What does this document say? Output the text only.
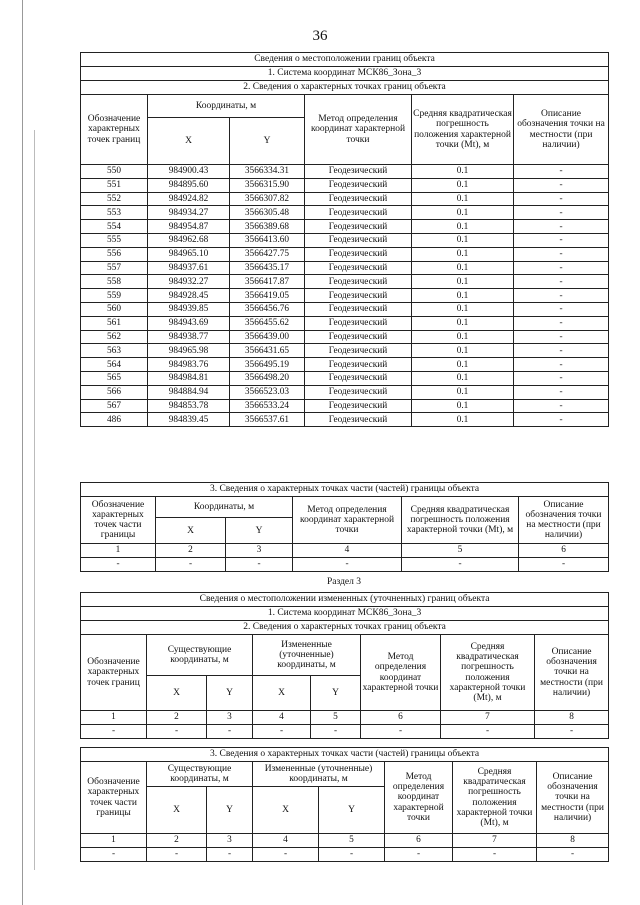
36
Сведения о местоположении границ объекта					
1. Система координат МСК86_Зона_3					
2. Сведения о характерных точках границ объекта					
Обозначение характерных точек границ	Координаты, м		Метод определения координат характерной точки	Средняя квадратическая погрешность положения характерной точки (Mt), м	Описание обозначения точки на местности (при наличии)
	X	Y			
550	984900.43	3566334.31	Геодезический	0.1	-
551	984895.60	3566315.90	Геодезический	0.1	-
552	984924.82	3566307.82	Геодезический	0.1	-
553	984934.27	3566305.48	Геодезический	0.1	-
554	984954.87	3566389.68	Геодезический	0.1	-
555	984962.68	3566413.60	Геодезический	0.1	-
556	984965.10	3566427.75	Геодезический	0.1	-
557	984937.61	3566435.17	Геодезический	0.1	-
558	984932.27	3566417.87	Геодезический	0.1	-
559	984928.45	3566419.05	Геодезический	0.1	-
560	984939.85	3566456.76	Геодезический	0.1	-
561	984943.69	3566455.62	Геодезический	0.1	-
562	984938.77	3566439.00	Геодезический	0.1	-
563	984965.98	3566431.65	Геодезический	0.1	-
564	984983.76	3566495.19	Геодезический	0.1	-
565	984984.81	3566498.20	Геодезический	0.1	-
566	984884.94	3566523.03	Геодезический	0.1	-
567	984853.78	3566533.24	Геодезический	0.1	-
486	984839.45	3566537.61	Геодезический	0.1	-
3. Сведения о характерных точках части (частей) границы объекта					
Обозначение характерных точек части границы	Координаты, м		Метод определения координат характерной точки	Средняя квадратическая погрешность положения характерной точки (Mt), м	Описание обозначения точки на местности (при наличии)
	X	Y			
1	2	3	4	5	6
-	-	-	-	-	-
Раздел 3
Сведения о местоположении измененных (уточненных) границ объекта							
1. Система координат МСК86_Зона_3							
2. Сведения о характерных точках границ объекта							
Обозначение характерных точек границ	Существующие координаты, м		Измененные (уточненные) координаты, м		Метод определения координат характерной точки	Средняя квадратическая погрешность положения характерной точки (Mt), м	Описание обозначения точки на местности (при наличии)
	X	Y	X	Y			
1	2	3	4	5	6	7	8
-	-	-	-	-	-	-	-
3. Сведения о характерных точках части (частей) границы объекта							
Обозначение характерных точек части границы	Существующие координаты, м		Измененные (уточненные) координаты, м		Метод определения координат характерной точки	Средняя квадратическая погрешность положения характерной точки (Mt), м	Описание обозначения точки на местности (при наличии)
	X	Y	X	Y			
1	2	3	4	5	6	7	8
-	-	-	-	-	-	-	-
